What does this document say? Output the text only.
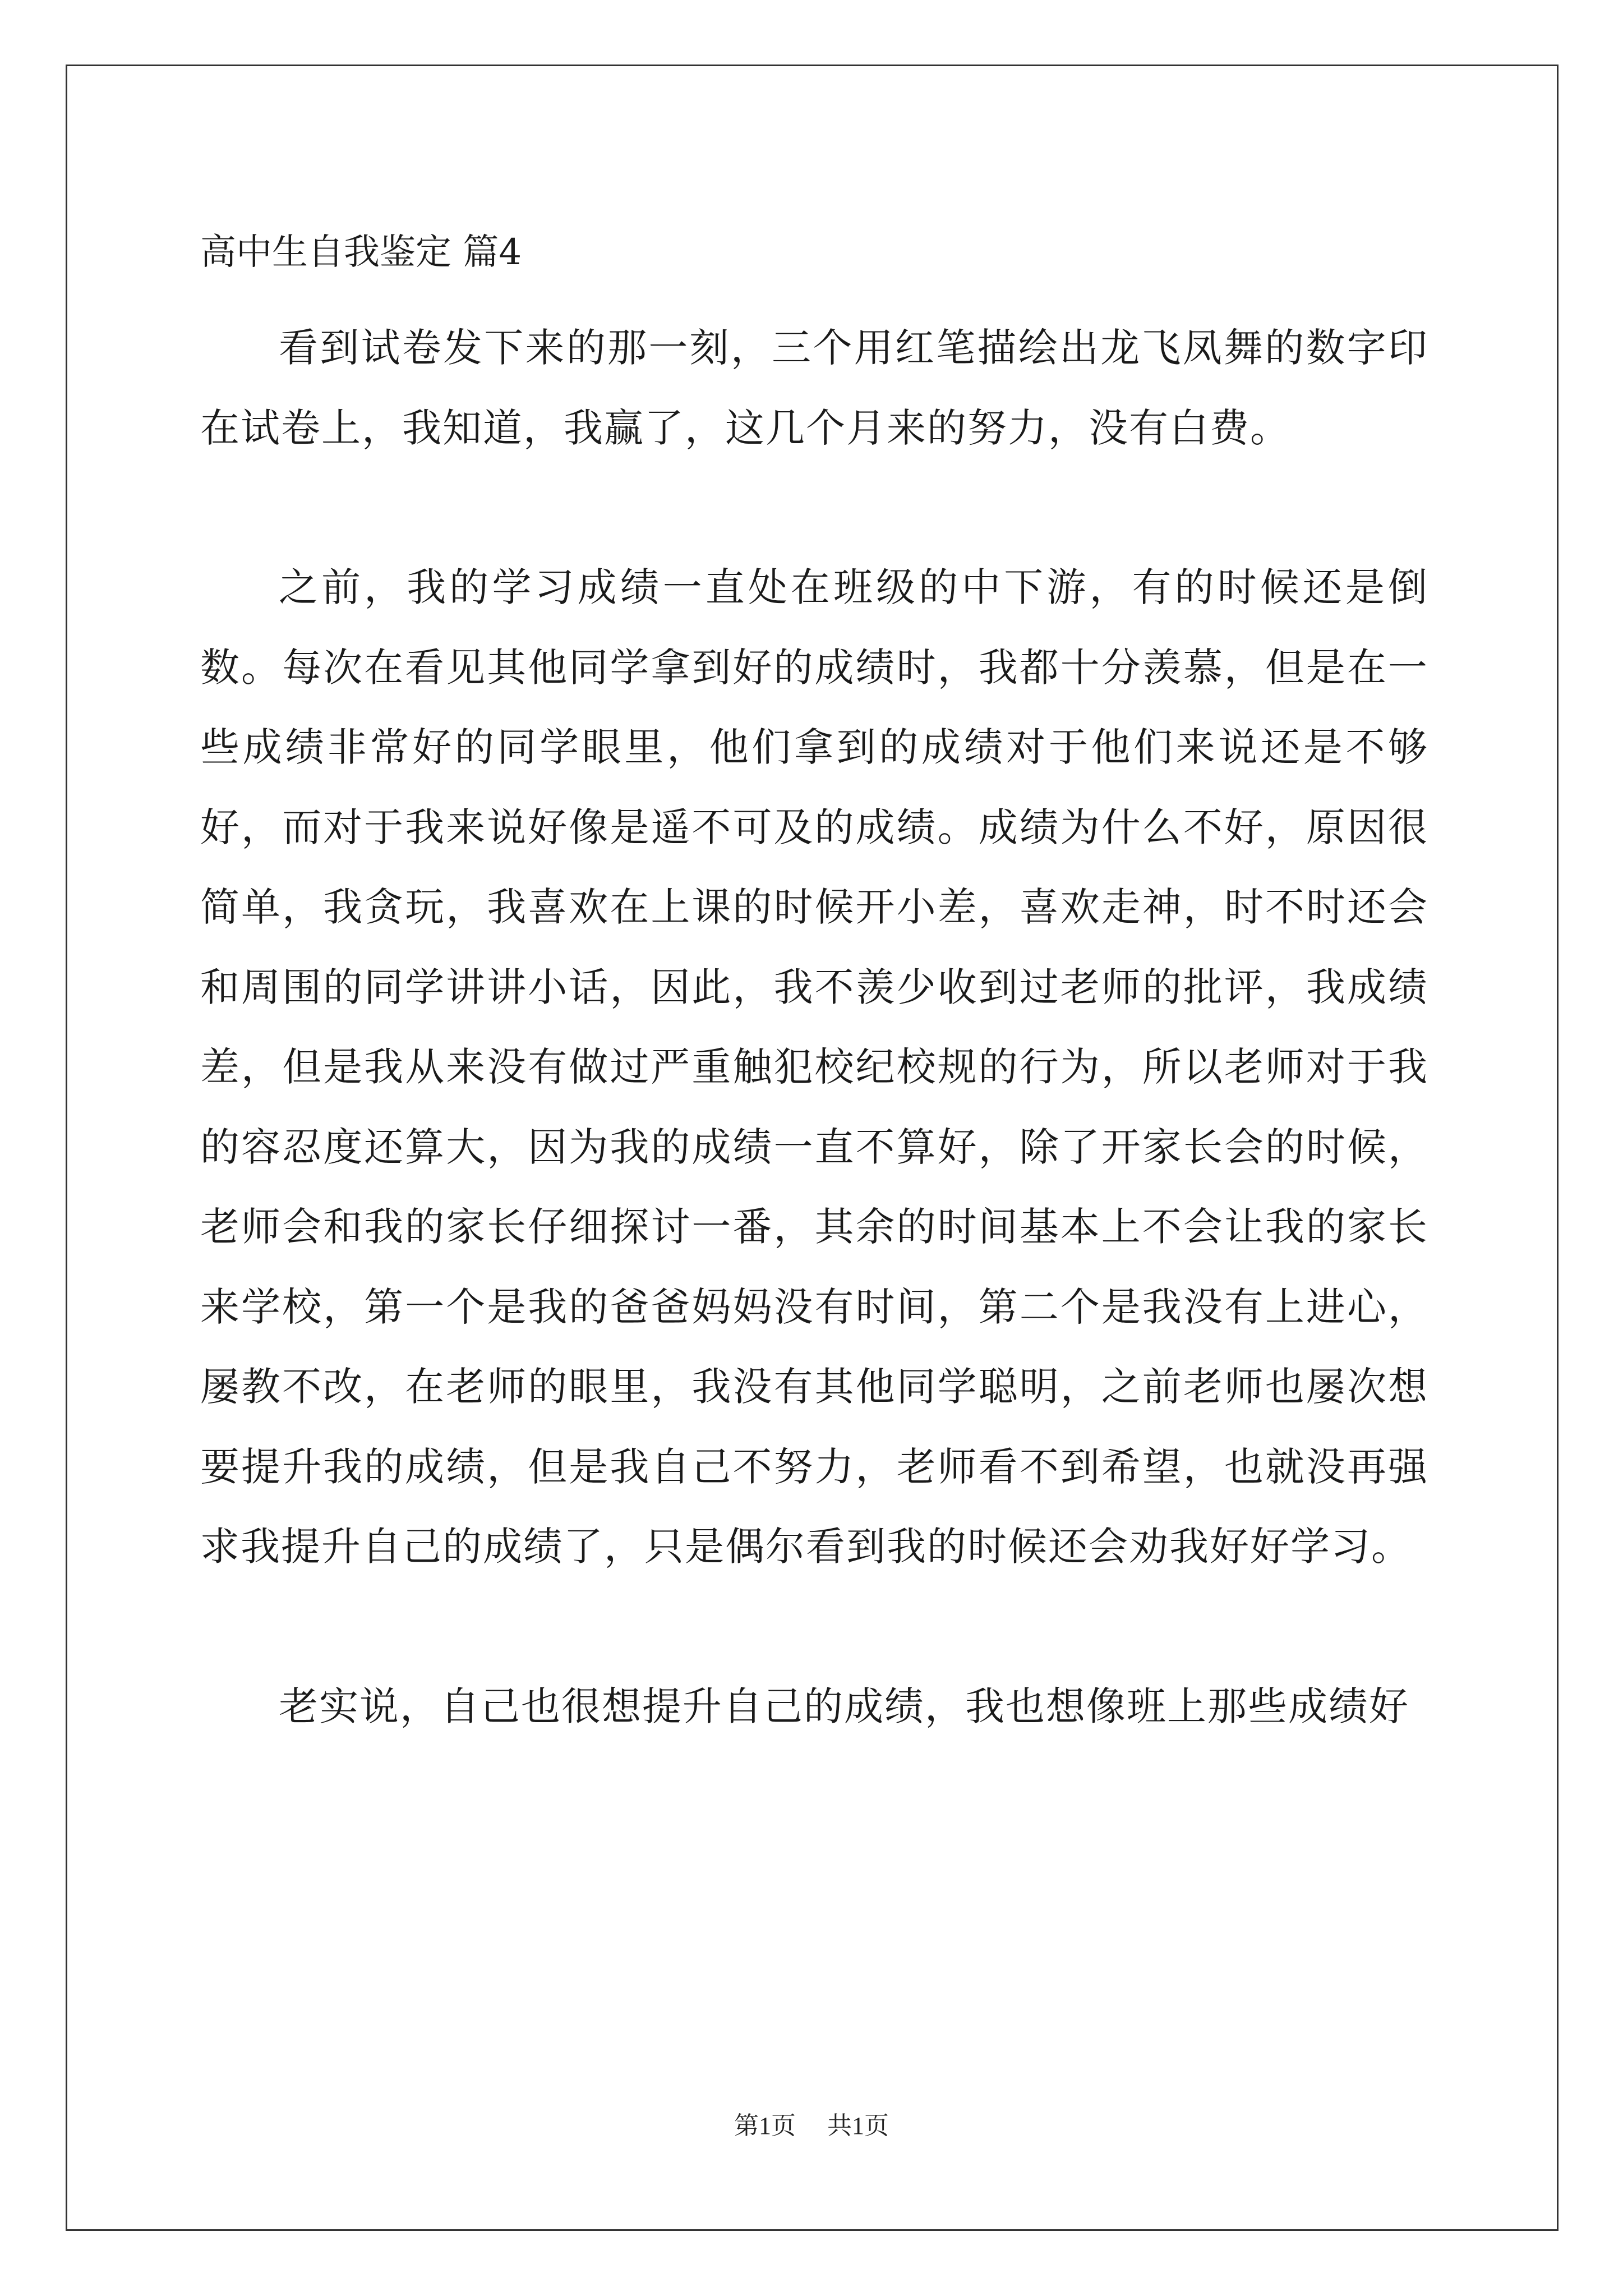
高中生自我鉴定 篇4

看到试卷发下来的那一刻，三个用红笔描绘出龙飞凤舞的数字印在试卷上，我知道，我赢了，这几个月来的努力，没有白费。

之前，我的学习成绩一直处在班级的中下游，有的时候还是倒数。每次在看见其他同学拿到好的成绩时，我都十分羡慕，但是在一些成绩非常好的同学眼里，他们拿到的成绩对于他们来说还是不够好，而对于我来说好像是遥不可及的成绩。成绩为什么不好，原因很简单，我贪玩，我喜欢在上课的时候开小差，喜欢走神，时不时还会和周围的同学讲讲小话，因此，我不羡少收到过老师的批评，我成绩差，但是我从来没有做过严重触犯校纪校规的行为，所以老师对于我的容忍度还算大，因为我的成绩一直不算好，除了开家长会的时候，老师会和我的家长仔细探讨一番，其余的时间基本上不会让我的家长来学校，第一个是我的爸爸妈妈没有时间，第二个是我没有上进心，屡教不改，在老师的眼里，我没有其他同学聪明，之前老师也屡次想要提升我的成绩，但是我自己不努力，老师看不到希望，也就没再强求我提升自己的成绩了，只是偶尔看到我的时候还会劝我好好学习。

老实说，自己也很想提升自己的成绩，我也想像班上那些成绩好

第1页 共1页
